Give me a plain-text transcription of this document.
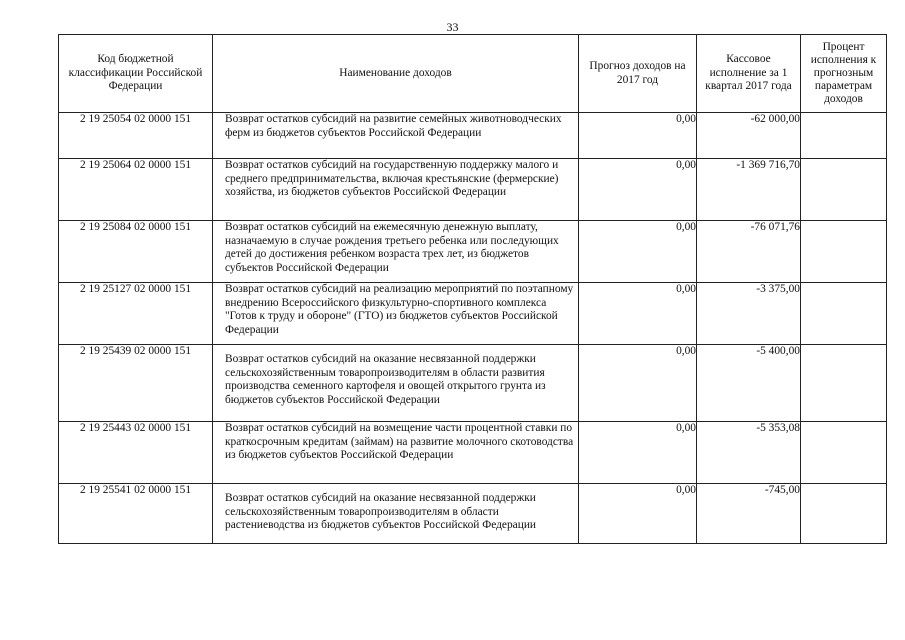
33
Код бюджетной классификации Российской Федерации	Наименование доходов	Прогноз доходов на 2017 год	Кассовое исполнение за 1 квартал 2017 года	Процент исполнения к прогнозным параметрам доходов
2 19 25054 02 0000 151	Возврат остатков субсидий на развитие семейных животноводческих ферм из бюджетов субъектов Российской Федерации	0,00	-62 000,00	
2 19 25064 02 0000 151	Возврат остатков субсидий на государственную поддержку малого и среднего предпринимательства, включая крестьянские (фермерские) хозяйства, из бюджетов субъектов Российской Федерации	0,00	-1 369 716,70	
2 19 25084 02 0000 151	Возврат остатков субсидий на ежемесячную денежную выплату, назначаемую в случае рождения третьего ребенка или последующих детей до достижения ребенком возраста трех лет, из бюджетов субъектов Российской Федерации	0,00	-76 071,76	
2 19 25127 02 0000 151	Возврат остатков субсидий на реализацию мероприятий по поэтапному внедрению Всероссийского физкультурно-спортивного комплекса "Готов к труду и обороне" (ГТО) из бюджетов субъектов Российской Федерации	0,00	-3 375,00	
2 19 25439 02 0000 151	Возврат остатков субсидий на оказание несвязанной поддержки сельскохозяйственным товаропроизводителям в области развития производства семенного картофеля и овощей открытого грунта из бюджетов субъектов Российской Федерации	0,00	-5 400,00	
2 19 25443 02 0000 151	Возврат остатков субсидий на возмещение части процентной ставки по краткосрочным кредитам (займам) на развитие молочного скотоводства из бюджетов субъектов Российской Федерации	0,00	-5 353,08	
2 19 25541 02 0000 151	Возврат остатков субсидий на оказание несвязанной поддержки сельскохозяйственным товаропроизводителям в области растениеводства из бюджетов субъектов Российской Федерации	0,00	-745,00	
